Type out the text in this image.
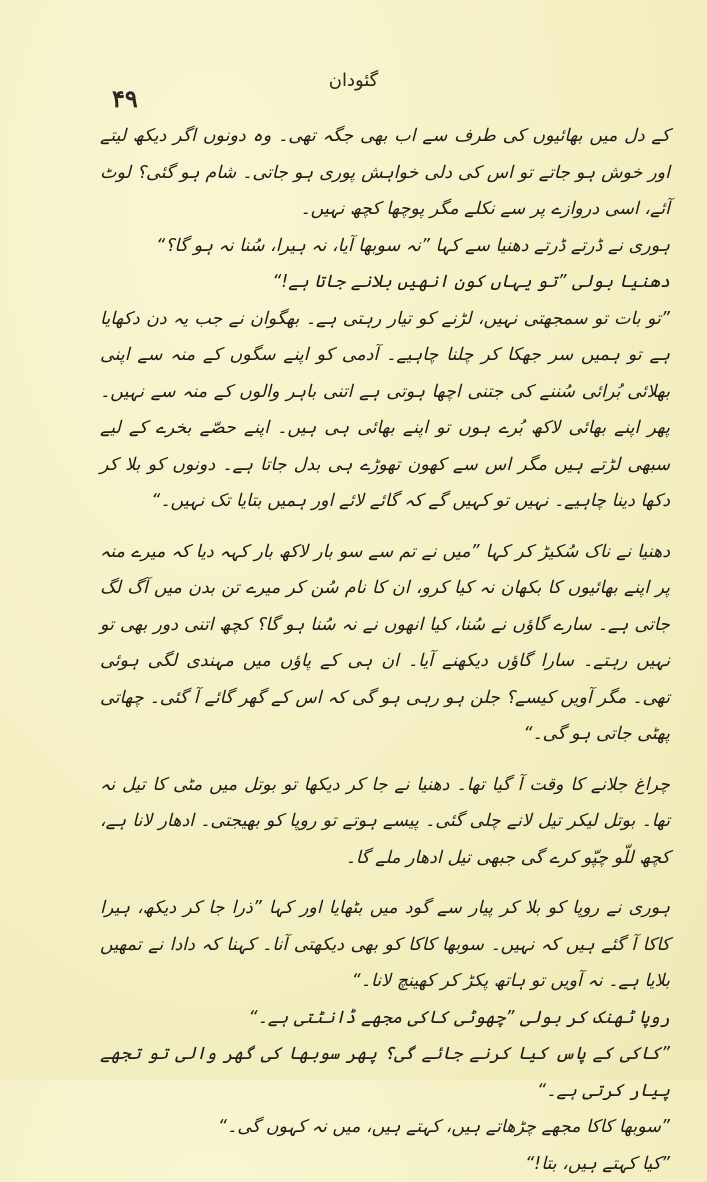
گئودان
۴۹

کے دل میں بھائیوں کی طرف سے اب بھی جگہ تھی۔ وہ دونوں اگر دیکھ لیتے اور خوش ہو جاتے تو اس کی دلی خواہش پوری ہو جاتی۔ شام ہو گئی؟ لوٹ آئے، اسی دروازے پر سے نکلے مگر پوچھا کچھ نہیں۔

ہوری نے ڈرتے ڈرتے دھنیا سے کہا ”نہ سوبھا آیا، نہ ہیرا، سُنا نہ ہو گا؟“

دھنیا بولی ”تو یہاں کون انھیں بلانے جاتا ہے!“

”تو بات تو سمجھتی نہیں، لڑنے کو تیار رہتی ہے۔ بھگوان نے جب یہ دن دکھایا ہے تو ہمیں سر جھکا کر چلنا چاہیے۔ آدمی کو اپنے سگوں کے منہ سے اپنی بھلائی بُرائی سُننے کی جتنی اچھا ہوتی ہے اتنی باہر والوں کے منہ سے نہیں۔ پھر اپنے بھائی لاکھ بُرے ہوں تو اپنے بھائی ہی ہیں۔ اپنے حصّے بخرے کے لیے سبھی لڑتے ہیں مگر اس سے کھون تھوڑے ہی بدل جاتا ہے۔ دونوں کو بلا کر دکھا دینا چاہیے۔ نہیں تو کہیں گے کہ گائے لائے اور ہمیں بتایا تک نہیں۔“

دھنیا نے ناک سُکیڑ کر کہا ”میں نے تم سے سو بار لاکھ بار کہہ دیا کہ میرے منہ پر اپنے بھائیوں کا بکھان نہ کیا کرو، ان کا نام سُن کر میرے تن بدن میں آگ لگ جاتی ہے۔ سارے گاؤں نے سُنا، کیا انھوں نے نہ سُنا ہو گا؟ کچھ اتنی دور بھی تو نہیں رہتے۔ سارا گاؤں دیکھنے آیا۔ ان ہی کے پاؤں میں مہندی لگی ہوئی تھی۔ مگر آویں کیسے؟ جلن ہو رہی ہو گی کہ اس کے گھر گائے آ گئی۔ چھاتی پھٹی جاتی ہو گی۔“

چراغ جلانے کا وقت آ گیا تھا۔ دھنیا نے جا کر دیکھا تو بوتل میں مٹی کا تیل نہ تھا۔ بوتل لیکر تیل لانے چلی گئی۔ پیسے ہوتے تو روپا کو بھیجتی۔ ادھار لانا ہے، کچھ للّو چپّو کرے گی جبھی تیل ادھار ملے گا۔

ہوری نے روپا کو بلا کر پیار سے گود میں بٹھایا اور کہا ”ذرا جا کر دیکھ، ہیرا کاکا آ گئے ہیں کہ نہیں۔ سوبھا کاکا کو بھی دیکھتی آنا۔ کہنا کہ دادا نے تمھیں بلایا ہے۔ نہ آویں تو ہاتھ پکڑ کر کھینچ لانا۔“

روپا ٹھنک کر بولی ”چھوٹی کاکی مجھے ڈانٹتی ہے۔“

”کاکی کے پاس کیا کرنے جائے گی؟ پھر سوبھا کی گھر والی تو تجھے پیار کرتی ہے۔“

”سوبھا کاکا مجھے چڑھاتے ہیں، کہتے ہیں، میں نہ کہوں گی۔“

”کیا کہتے ہیں، بتا!“
